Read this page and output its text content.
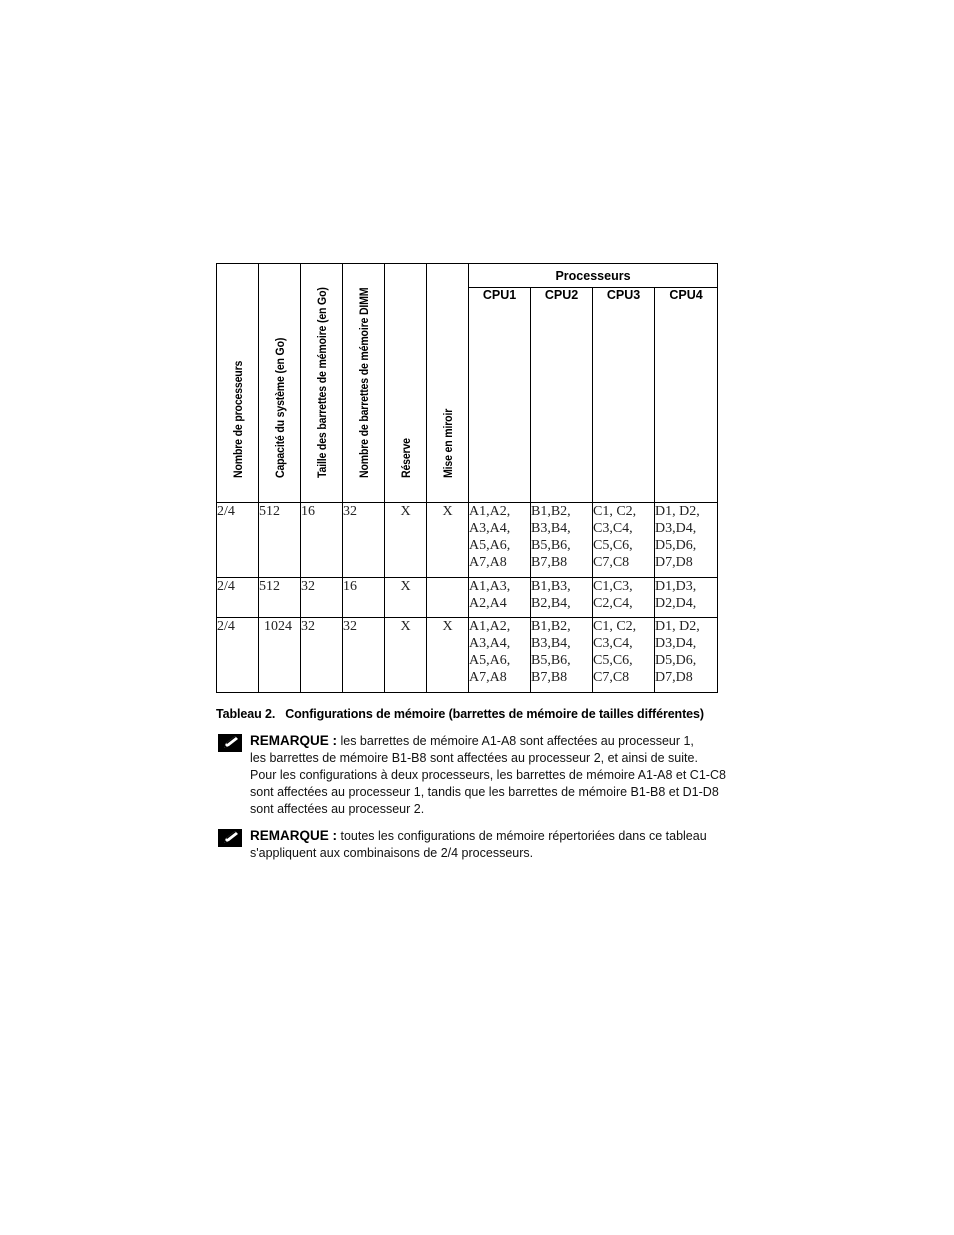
Nombre de processeurs	Capacité du système (en Go)	Taille des barrettes de mémoire (en Go)	Nombre de barrettes de mémoire DIMM	Réserve	Mise en miroir	Processeurs			
						CPU1	CPU2	CPU3	CPU4
2/4	512	16	32	X	X	A1,A2,
A3,A4,
A5,A6,
A7,A8	B1,B2,
B3,B4,
B5,B6,
B7,B8	C1, C2,
C3,C4,
C5,C6,
C7,C8	D1, D2,
D3,D4,
D5,D6,
D7,D8
2/4	512	32	16	X		A1,A3,
A2,A4	B1,B3,
B2,B4,	C1,C3,
C2,C4,	D1,D3,
D2,D4,
2/4	1024	32	32	X	X	A1,A2,
A3,A4,
A5,A6,
A7,A8	B1,B2,
B3,B4,
B5,B6,
B7,B8	C1, C2,
C3,C4,
C5,C6,
C7,C8	D1, D2,
D3,D4,
D5,D6,
D7,D8
Tableau 2. Configurations de mémoire (barrettes de mémoire de tailles différentes)
REMARQUE : les barrettes de mémoire A1-A8 sont affectées au processeur 1,
les barrettes de mémoire B1-B8 sont affectées au processeur 2, et ainsi de suite.
Pour les configurations à deux processeurs, les barrettes de mémoire A1-A8 et C1-C8
sont affectées au processeur 1, tandis que les barrettes de mémoire B1-B8 et D1-D8
sont affectées au processeur 2.
REMARQUE : toutes les configurations de mémoire répertoriées dans ce tableau
s'appliquent aux combinaisons de 2/4 processeurs.
